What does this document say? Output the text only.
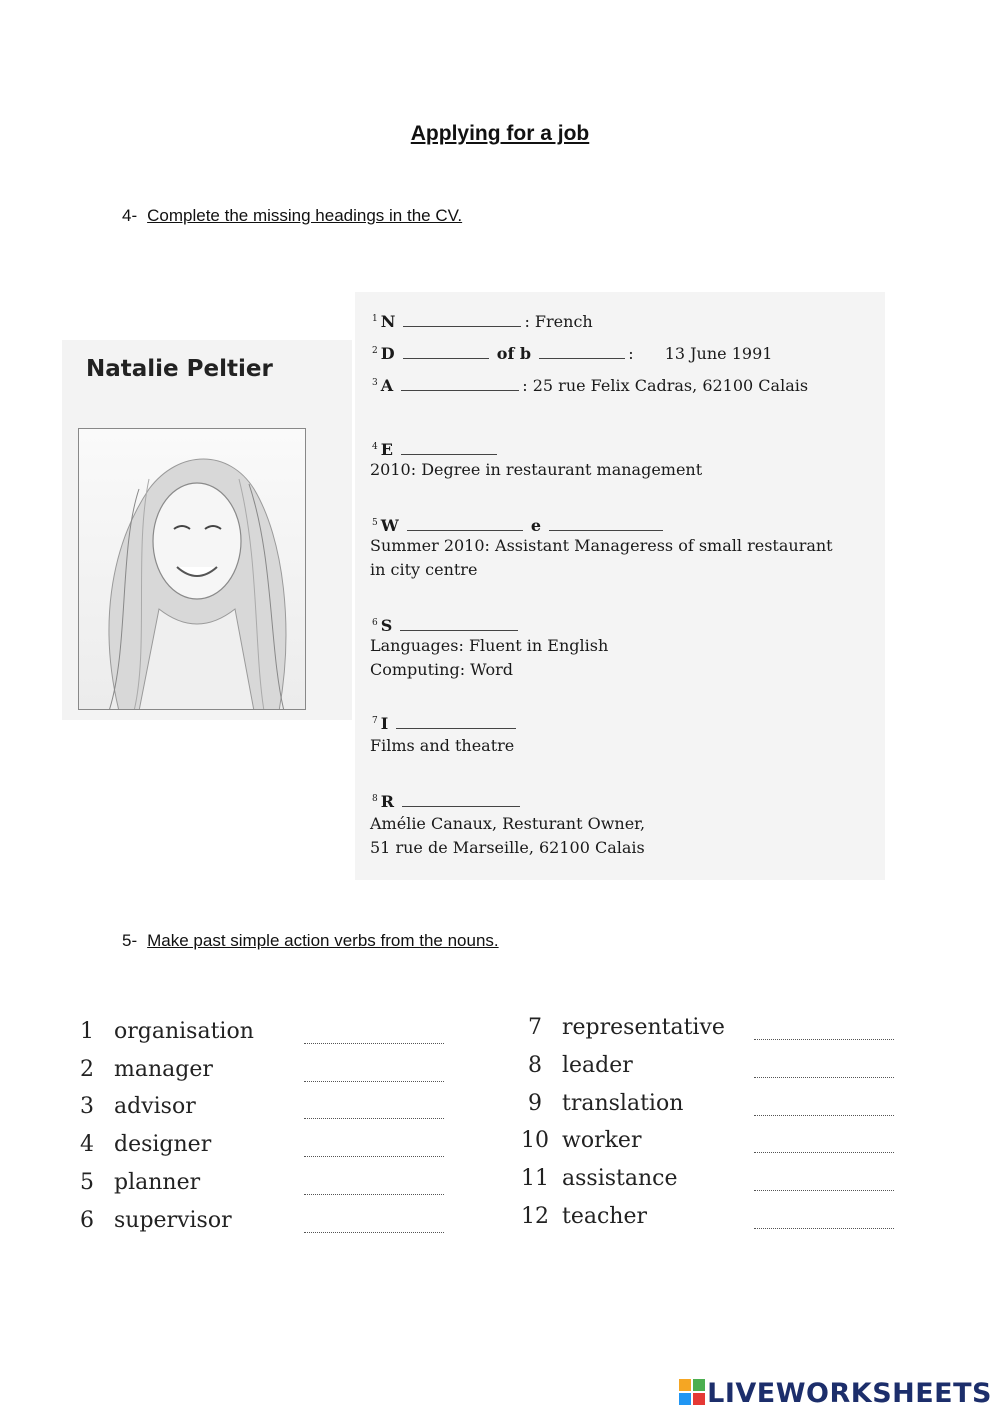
Applying for a job
4- Complete the missing headings in the CV.
Natalie Peltier
$^1$ N	: French
$^2$ D	of b	: 13 June 1991
$^3$ A	: 25 rue Felix Cadras, 62100 Calais
$^4$ E
2010: Degree in restaurant management
$^5$ W	e
Summer 2010: Assistant Manageress of small restaurant
in city centre
$^6$ S
Languages: Fluent in English
Computing: Word
$^7$ I
Films and theatre
$^8$ R
Amélie Canaux, Resturant Owner,
51 rue de Marseille, 62100 Calais
5- Make past simple action verbs from the nouns.
1 organisation
2 manager
3 advisor
4 designer
5 planner
6 supervisor
7 representative
8 leader
9 translation
10 worker
11 assistance
12 teacher
LIVEWORKSHEETS
